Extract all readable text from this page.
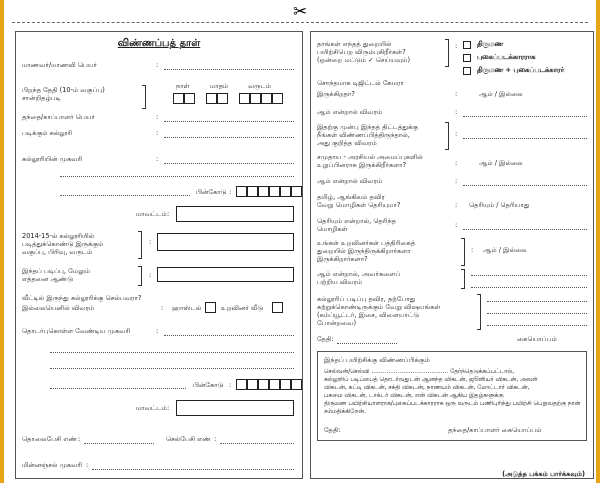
✂
விண்ணப்பத் தாள்
மாணவர்/மாணவி பெயர்	:
பிறந்த தேதி (10-ம் வகுப்பு)
சான்றிதழ்படி
நாள்	மாதம்	வருடம்
தந்தை/காப்பாளர் பெயர்	:
படிக்கும் கல்லூரி	:
கல்லூரியின் முகவரி	:
பின்கோடு :
மாவட்டம் :
2014-15-ல் கல்லூரியில்
படித்துக்கொண்டு இருக்கும்
வகுப்பு, பிரிவு, வருடம்
:
இந்தப் படிப்பு, மேலும்
எத்தனை ஆண்டு	:
வீட்டில் இருந்து கல்லூரிக்கு செல்பவரா?
இல்லையெனில் விவரம்	: ஹாஸ்டல்	உறவினர் வீடு
தொடர்புகொள்ள வேண்டிய முகவரி	:
பின்கோடு :
மாவட்டம் :
தொலைபேசி எண் :	செல்பேசி எண் :
மின்னஞ்சல் முகவரி :
தாங்கள் எந்தத் துறையில்
பயிற்சிபெற விரும்புகிறீர்கள்?
(ஒன்றை மட்டும் ✓ செய்யவும்)
:	திருமண
புகைப்படக்காரராக
திருமண + புகைப்படக்காரர்
சொந்தமாக டிஜிட்டல் கேமரா
இருக்கிறதா?	:	ஆம் / இல்லை
ஆம் என்றால் விவரம்	:
இதற்கு முன்பு இந்தத் திட்டத்துக்கு
நீங்கள் விண்ணப்பித்திருந்தால்,
அது குறித்த விவரம்
:
சமுதாய - அரசியல் அமைப்புகளில்
உறுப்பினராக இருக்கிறீர்களா?	:	ஆம் / இல்லை
ஆம் என்றால் விவரம்	:
தமிழ், ஆங்கிலம் தவிர
வேறு மொழிகள் தெரியுமா?	: தெரியும் / தெரியாது
தெரியும் என்றால், தெரிந்த
மொழிகள்	:
உங்கள் உறவினர்கள் பத்திரிகைத்
துறையில் இருந்திருக்கிறார்களா
இருக்கிறார்களா?
: ஆம் / இல்லை
ஆம் என்றால், அவர்களைப்
பற்றிய விவரம்
கல்லூரிப் படிப்பு தவிர, தற்போது
கற்றுக்கொண்டிருக்கும் வேறு விஷயங்கள்
(கம்ப்யூட்டர், இசை, விளையாட்டு
போன்றவை)
தேதி:	கையொப்பம்
இந்தப் பயிற்சிக்கு விண்ணப்பிக்கும்
செல்வன்/செல்வி ......................................... தேர்ந்தெடுக்கப்பட்டால்,
கல்லூரிப் படிப்பைத் தொடர்வதுடன் ஆனந்த விகடன், ஜூனியர் விகடன், அவள்
விகடன், சுட்டி விகடன், சக்தி விகடன், நாணயம் விகடன், மோட்டார் விகடன்,
பசுமை விகடன், டாக்டர் விகடன், என் விகடன் ஆகிய இதழ்களுக்கு
திருமண பயிற்சியாளராக/புகைப்படக்காரராக ஒரு வருடம் பணிபுரிந்து பயிற்சி பெறுவதற்கு நான் சம்மதிக்கிறேன்.
தேதி:	தந்தை/காப்பாளர் கையொப்பம்
(அடுத்த பக்கம் பார்க்கவும்)
